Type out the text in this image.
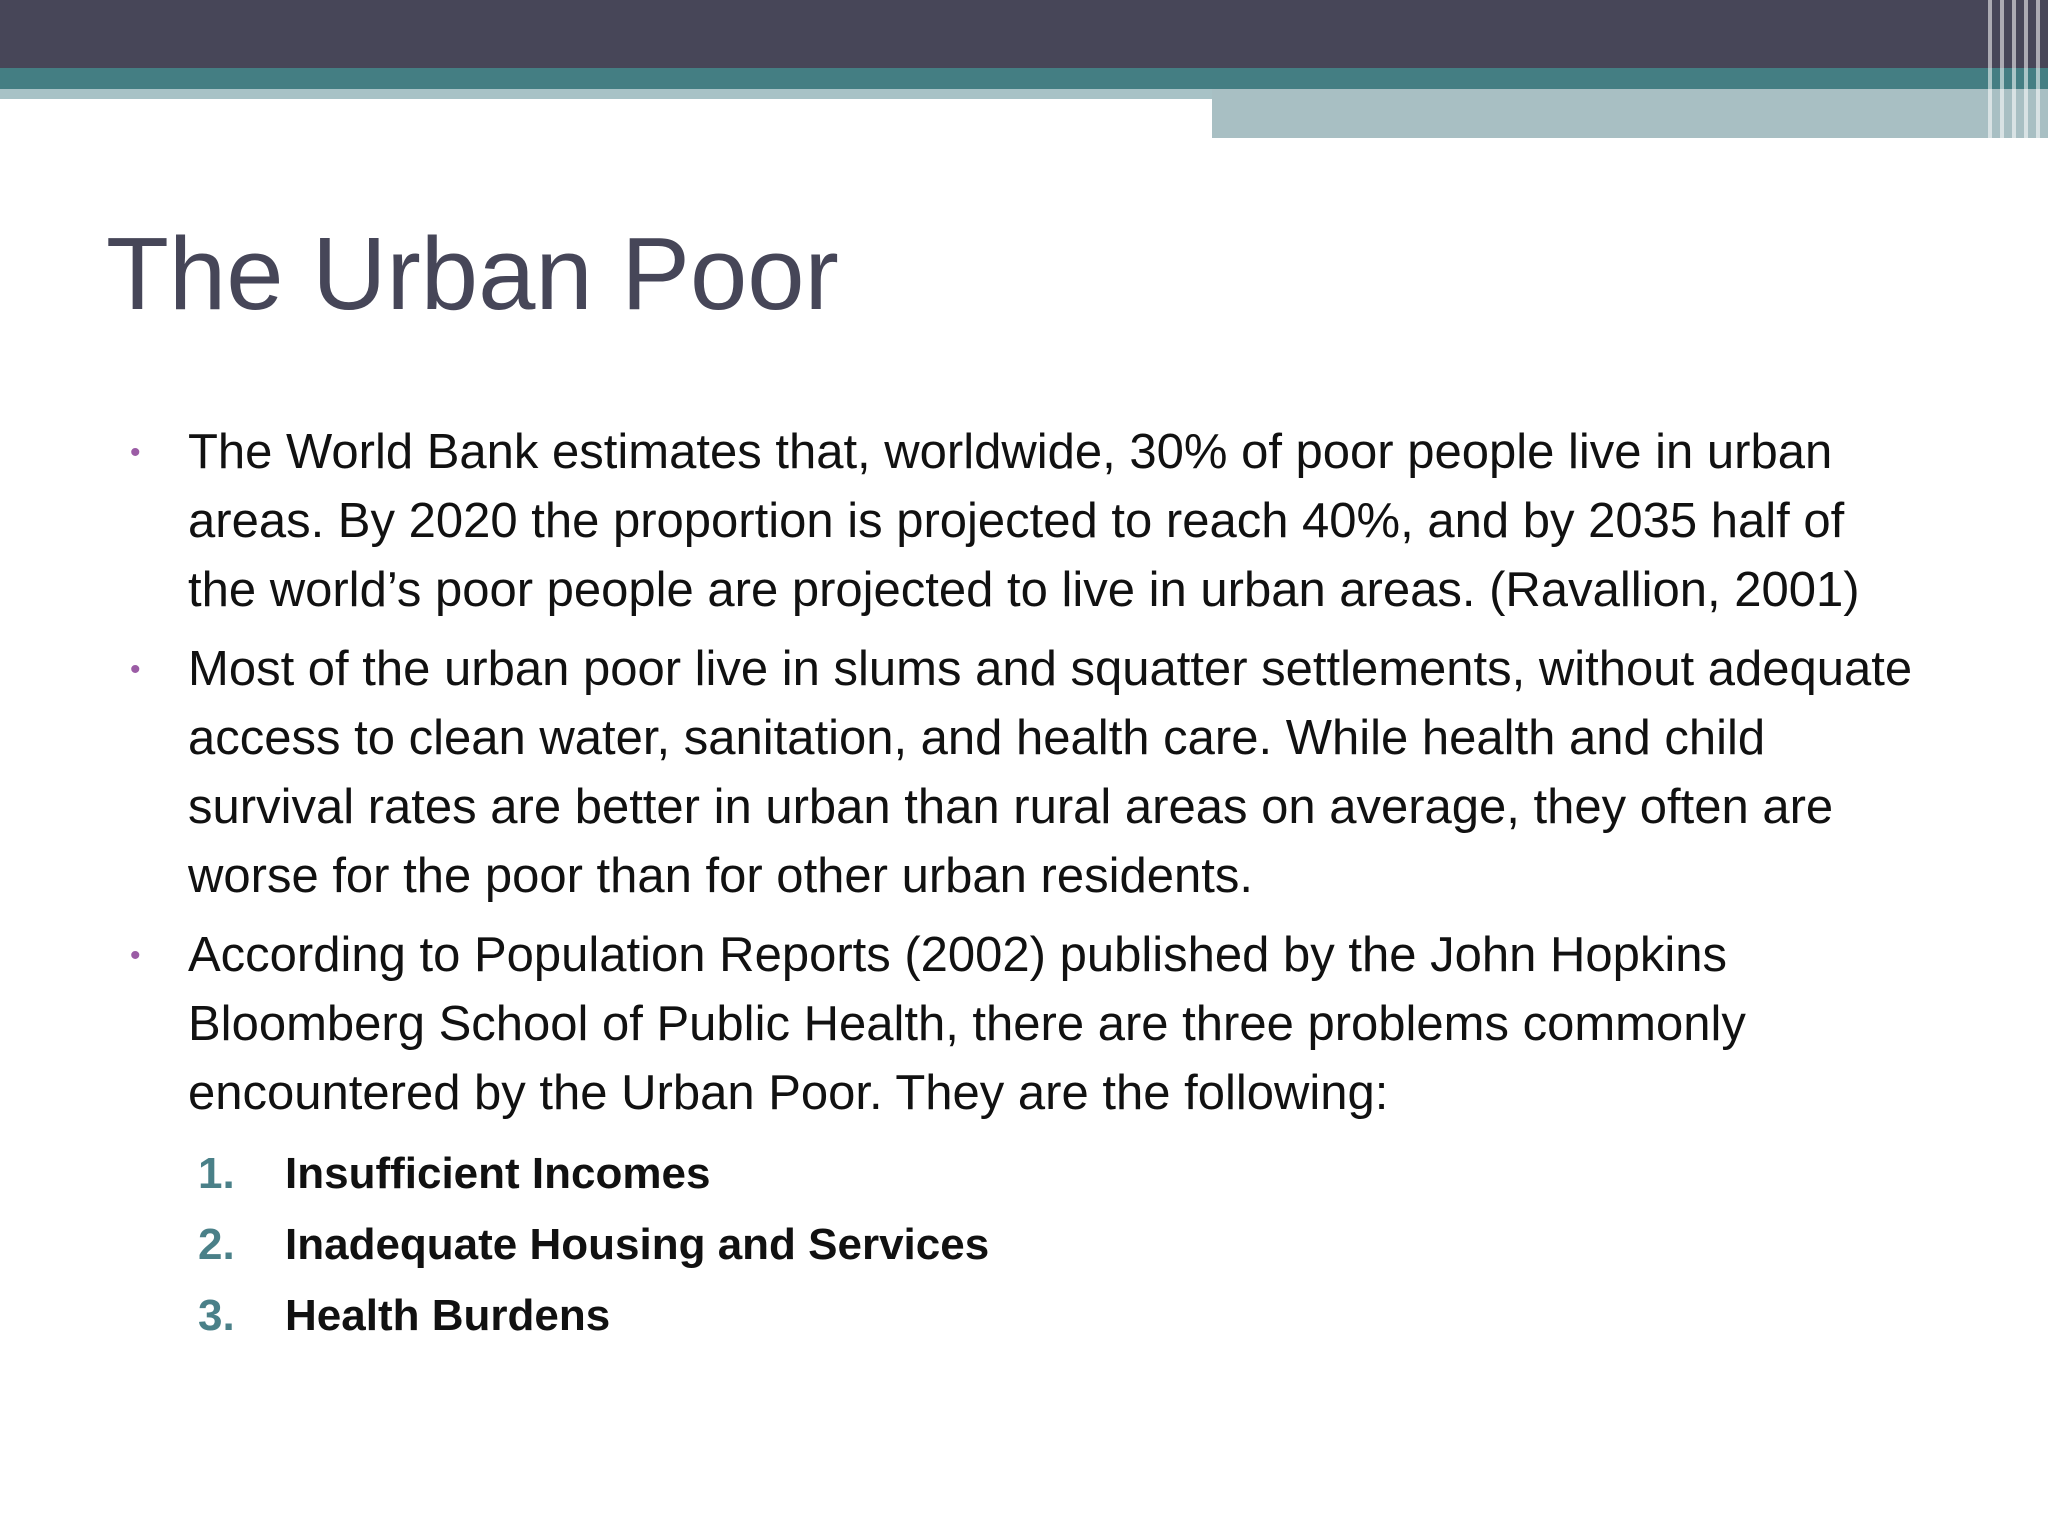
The Urban Poor
• The World Bank estimates that, worldwide, 30% of poor people live in urban areas. By 2020 the proportion is projected to reach 40%, and by 2035 half of the world’s poor people are projected to live in urban areas. (Ravallion, 2001)
• Most of the urban poor live in slums and squatter settlements, without adequate access to clean water, sanitation, and health care. While health and child survival rates are better in urban than rural areas on average, they often are worse for the poor than for other urban residents.
• According to Population Reports (2002) published by the John Hopkins Bloomberg School of Public Health, there are three problems commonly encountered by the Urban Poor. They are the following:
1. Insufficient Incomes
2. Inadequate Housing and Services
3. Health Burdens
